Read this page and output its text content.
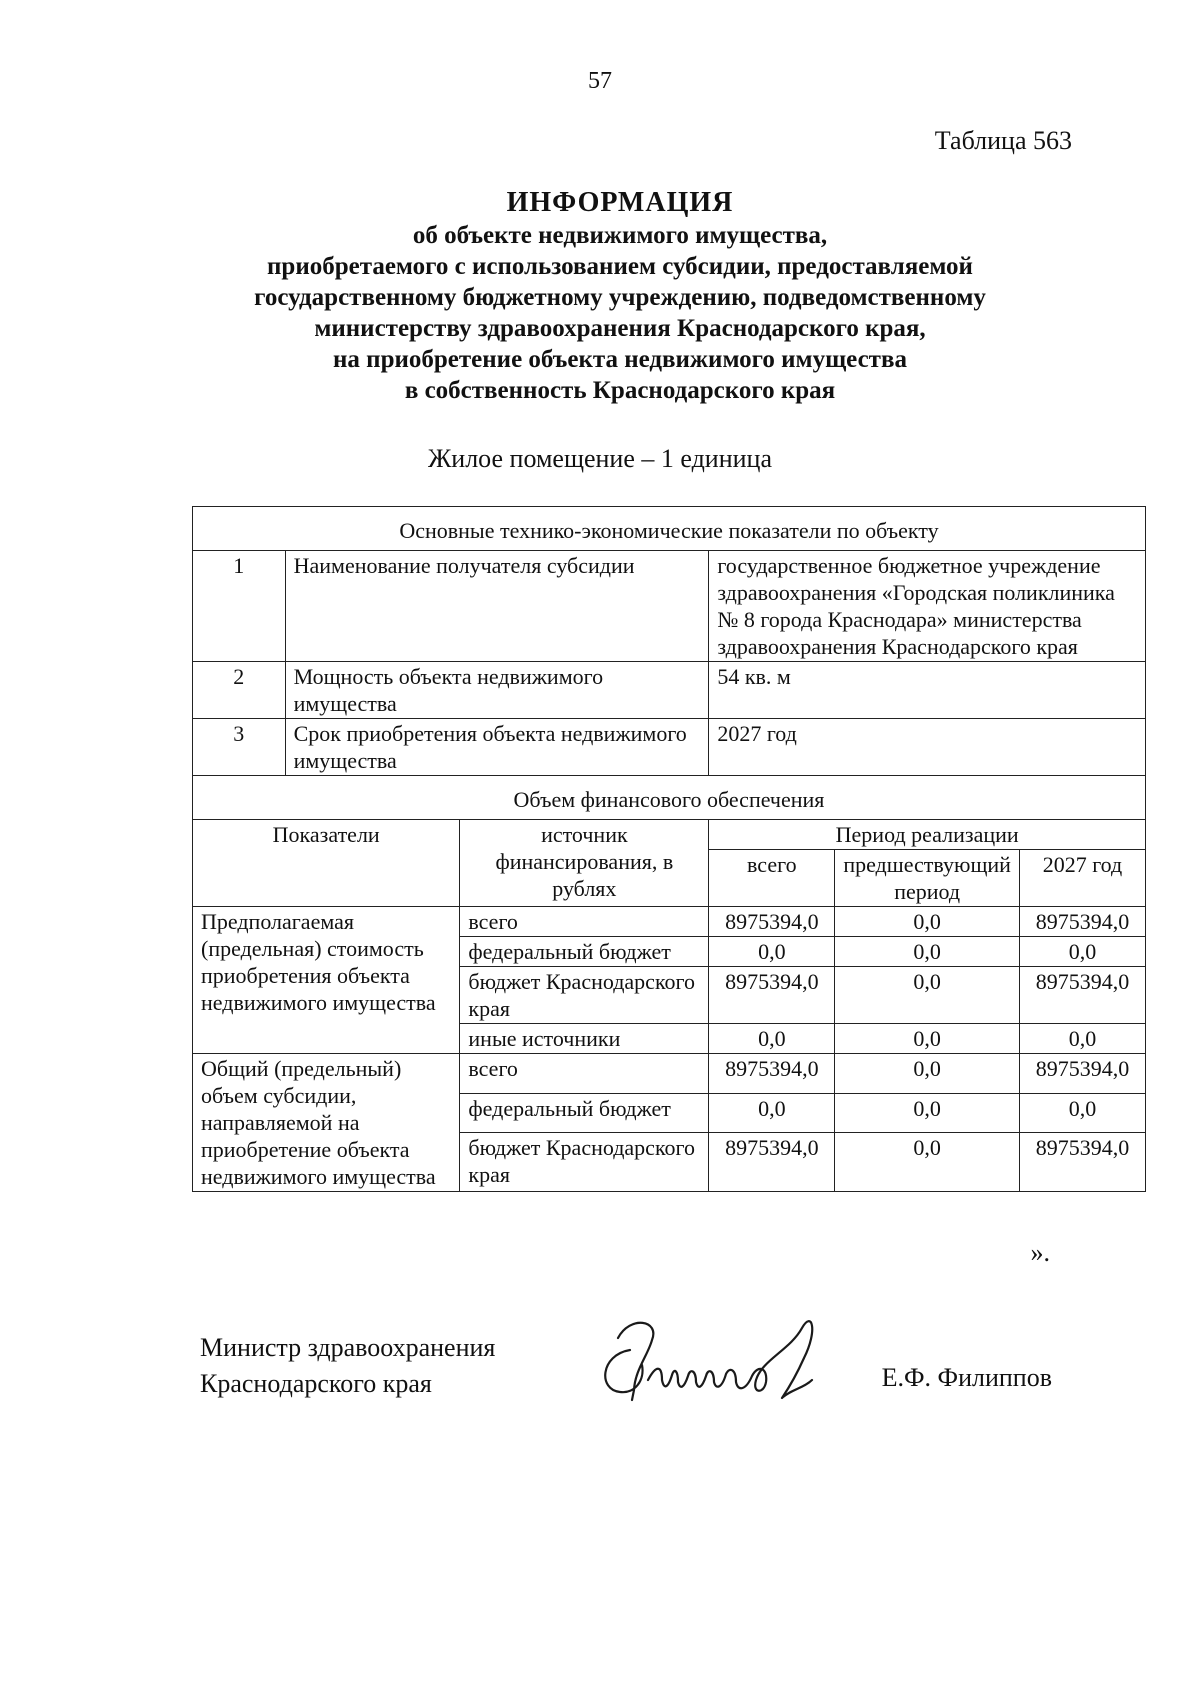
57
Таблица 563
ИНФОРМАЦИЯ
об объекте недвижимого имущества,
приобретаемого с использованием субсидии, предоставляемой
государственному бюджетному учреждению, подведомственному
министерству здравоохранения Краснодарского края,
на приобретение объекта недвижимого имущества
в собственность Краснодарского края
Жилое помещение – 1 единица
Основные технико-экономические показатели по объекту					
1	Наименование получателя субсидии		государственное бюджетное учреждение здравоохранения «Городская поликлиника № 8 города Краснодара» министерства здравоохранения Краснодарского края		
2	Мощность объекта недвижимого имущества		54 кв. м		
3	Срок приобретения объекта недвижимого имущества		2027 год		
Объем финансового обеспечения					
Показатели		источник финансирования, в рублях	Период реализации		
			всего	предшествующий период	2027 год
Предполагаемая (предельная) стоимость приобретения объекта недвижимого имущества		всего	8975394,0	0,0	8975394,0
		федеральный бюджет	0,0	0,0	0,0
		бюджет Краснодарского края	8975394,0	0,0	8975394,0
		иные источники	0,0	0,0	0,0
Общий (предельный) объем субсидии, направляемой на приобретение объекта недвижимого имущества		всего	8975394,0	0,0	8975394,0
		федеральный бюджет	0,0	0,0	0,0
		бюджет Краснодарского края	8975394,0	0,0	8975394,0
».
Министр здравоохранения
Краснодарского края	Е.Ф. Филиппов
